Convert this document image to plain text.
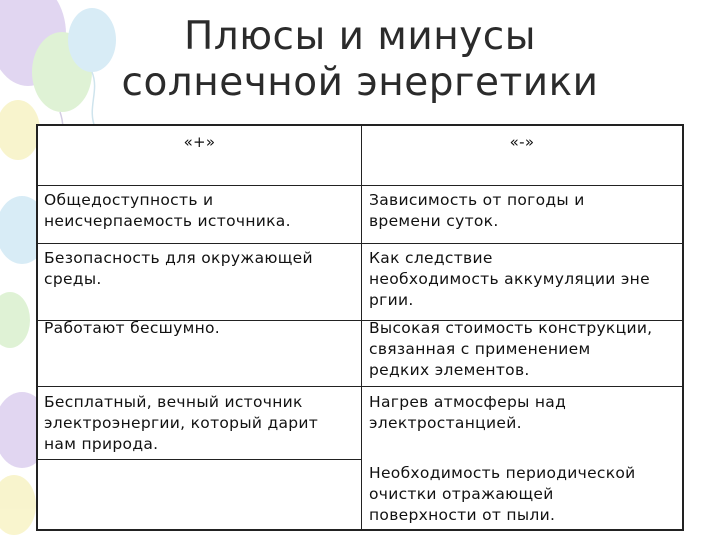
Плюсы и минусы
солнечной энергетики
«+»	«-»
Общедоступность и
неисчерпаемость источника.
Зависимость от погоды и
времени суток.
Безопасность для окружающей
среды.
Как следствие
необходимость аккумуляции эне
ргии.
Работают бесшумно.	Высокая стоимость конструкции,
связанная с применением
редких элементов.
Бесплатный, вечный источник
электроэнергии, который дарит
нам природа.
Нагрев атмосферы над
электростанцией.
Необходимость периодической
очистки отражающей
поверхности от пыли.
